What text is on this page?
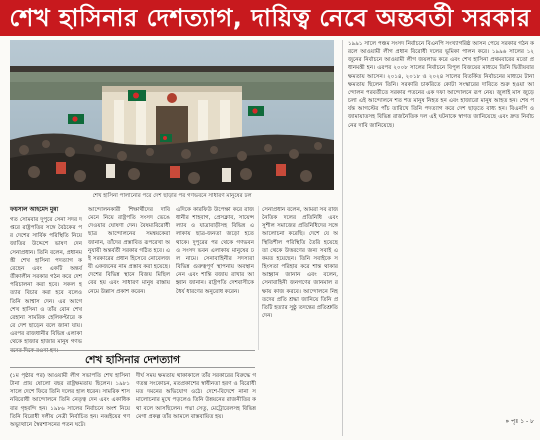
শেখ হাসিনার দেশত্যাগ, দায়িত্ব নেবে অন্তবর্তী সরকার
শেখ হাসিনা পালানোর পরে দেশ ছাড়ার পর গণভবনে সাধারণ মানুষের ঢল
ফয়সাল আহমেদ মুন্না
গত সোমবার দুপুরে সেনা সদর দপ্তরে রাষ্ট্রপতির সঙ্গে বৈঠকের পর দেশের সার্বিক পরিস্থিতি নিয়ে জাতির উদ্দেশে ভাষণ দেন সেনাপ্রধান। তিনি বলেন, প্রধানমন্ত্রী শেখ হাসিনা পদত্যাগ করেছেন এবং একটি অন্তর্বর্তীকালীন সরকার গঠন করে দেশ পরিচালনা করা হবে। সকল হত্যার বিচার করা হবে বলেও তিনি আশ্বাস দেন। এর আগে শেখ হাসিনা ও তাঁর বোন শেখ রেহানা সামরিক হেলিকপ্টারে করে দেশ ছাড়েন বলে জানা যায়। এরপর রাজধানীর বিভিন্ন এলাকা থেকে হাজার হাজার মানুষ গণভবনের দিকে রওনা হন।
আন্দোলনকারী শিক্ষার্থীদের দাবি মেনে নিয়ে রাষ্ট্রপতি সংসদ ভেঙে দেওয়ার ঘোষণা দেন। বৈষম্যবিরোধী ছাত্র আন্দোলনের সমন্বয়কেরা জানান, তাঁদের প্রস্তাবিত রূপরেখা অনুযায়ী অন্তর্বর্তী সরকার গঠিত হবে। এই সরকারের প্রধান হিসেবে নোবেলজয়ী একজনের নাম প্রস্তাব করা হয়েছে। দেশের বিভিন্ন স্থানে বিজয় মিছিল বের হয় এবং সাধারণ মানুষ রাস্তায় নেমে উল্লাস প্রকাশ করেন।
এদিকে কারফিউ উপেক্ষা করে রাজধানীর শাহবাগ, প্রেসক্লাব, সায়েন্সল্যাব ও যাত্রাবাড়ীসহ বিভিন্ন এলাকায় ছাত্র-জনতা জড়ো হতে থাকে। দুপুরের পর থেকে গণভবন ও সংসদ ভবন এলাকায় মানুষের ঢল নামে। সেনাবাহিনীর সদস্যরা বিভিন্ন গুরুত্বপূর্ণ স্থাপনায় অবস্থান নেন এবং শান্তি বজায় রাখার আহ্বান জানান। রাষ্ট্রপতি দেশবাসীকে ধৈর্য ধারণের অনুরোধ করেন।
সেনাপ্রধান বলেন, আমরা সব রাজনৈতিক দলের প্রতিনিধি এবং সুশীল সমাজের প্রতিনিধিদের সঙ্গে আলোচনা করেছি। দেশে যে অস্থিতিশীল পরিস্থিতি তৈরি হয়েছে তা থেকে উত্তরণের জন্য সবাই একমত হয়েছেন। তিনি সবাইকে সহিংসতা পরিহার করে শান্ত থাকার আহ্বান জানান এবং বলেন, সেনাবাহিনী জনগণের জানমাল রক্ষায় কাজ করবে। আন্দোলনে নিহতদের প্রতি শ্রদ্ধা জানিয়ে তিনি প্রতিটি হত্যার সুষ্ঠু তদন্তের প্রতিশ্রুতি দেন।
১৯৯১ সালে পঞ্চম সংসদ নির্বাচনে বিএনপি সংখ্যাগরিষ্ঠ আসন পেয়ে সরকার গঠন করলে আওয়ামী লীগ প্রধান বিরোধী দলের ভূমিকা পালন করে। ১৯৯৬ সালের ১২ জুনের নির্বাচনে আওয়ামী লীগ জয়লাভ করে এবং শেখ হাসিনা প্রথমবারের মতো প্রধানমন্ত্রী হন। এরপর ২০০৮ সালের নির্বাচনে বিপুল বিজয়ের মাধ্যমে তিনি দ্বিতীয়বার ক্ষমতায় আসেন। ২০১৪, ২০১৮ ও ২০২৪ সালের বিতর্কিত নির্বাচনের মাধ্যমে টানা ক্ষমতায় ছিলেন তিনি। সরকারি চাকরিতে কোটা সংস্কারের দাবিতে শুরু হওয়া আন্দোলন পরবর্তীতে সরকার পতনের এক দফা আন্দোলনে রূপ নেয়। জুলাই মাস জুড়ে চলা এই আন্দোলনে শত শত মানুষ নিহত হন এবং হাজারো মানুষ আহত হন। শেষ পর্যন্ত আগস্টের পাঁচ তারিখে তিনি পদত্যাগ করে দেশ ছাড়তে বাধ্য হন। বিএনপি ও জামায়াতসহ বিভিন্ন রাজনৈতিক দল এই ঘটনাকে স্বাগত জানিয়েছে এবং দ্রুত নির্বাচনের দাবি জানিয়েছে।
শেখ হাসিনার দেশত্যাগ
(১ম পৃষ্ঠার পর) আওয়ামী লীগ সভাপতি শেখ হাসিনা টানা প্রায় ষোলো বছর রাষ্ট্রক্ষমতায় ছিলেন। ১৯৮১ সালে দেশে ফিরে তিনি দলের হাল ধরেন। সামরিক শাসনবিরোধী আন্দোলনে তিনি নেতৃত্ব দেন এবং একাধিকবার গৃহবন্দি হন। ১৯৮৬ সালের নির্বাচনে অংশ নিয়ে তিনি বিরোধী দলীয় নেত্রী নির্বাচিত হন। নব্বইয়ের গণঅভ্যুত্থানে স্বৈরশাসনের পতন ঘটে।
দীর্ঘ সময় ক্ষমতায় থাকাকালে তাঁর সরকারের বিরুদ্ধে গণতন্ত্র সংকোচন, মতপ্রকাশের স্বাধীনতা হরণ ও বিরোধী মত দমনের অভিযোগ ওঠে। দেশে-বিদেশে নানা সমালোচনার মুখে পড়লেও তিনি উন্নয়নের রাজনীতির কথা বলে আসছিলেন। পদ্মা সেতু, মেট্রোরেলসহ বিভিন্ন মেগা প্রকল্প তাঁর আমলে বাস্তবায়িত হয়।
» পৃঃ ১ - ৮
